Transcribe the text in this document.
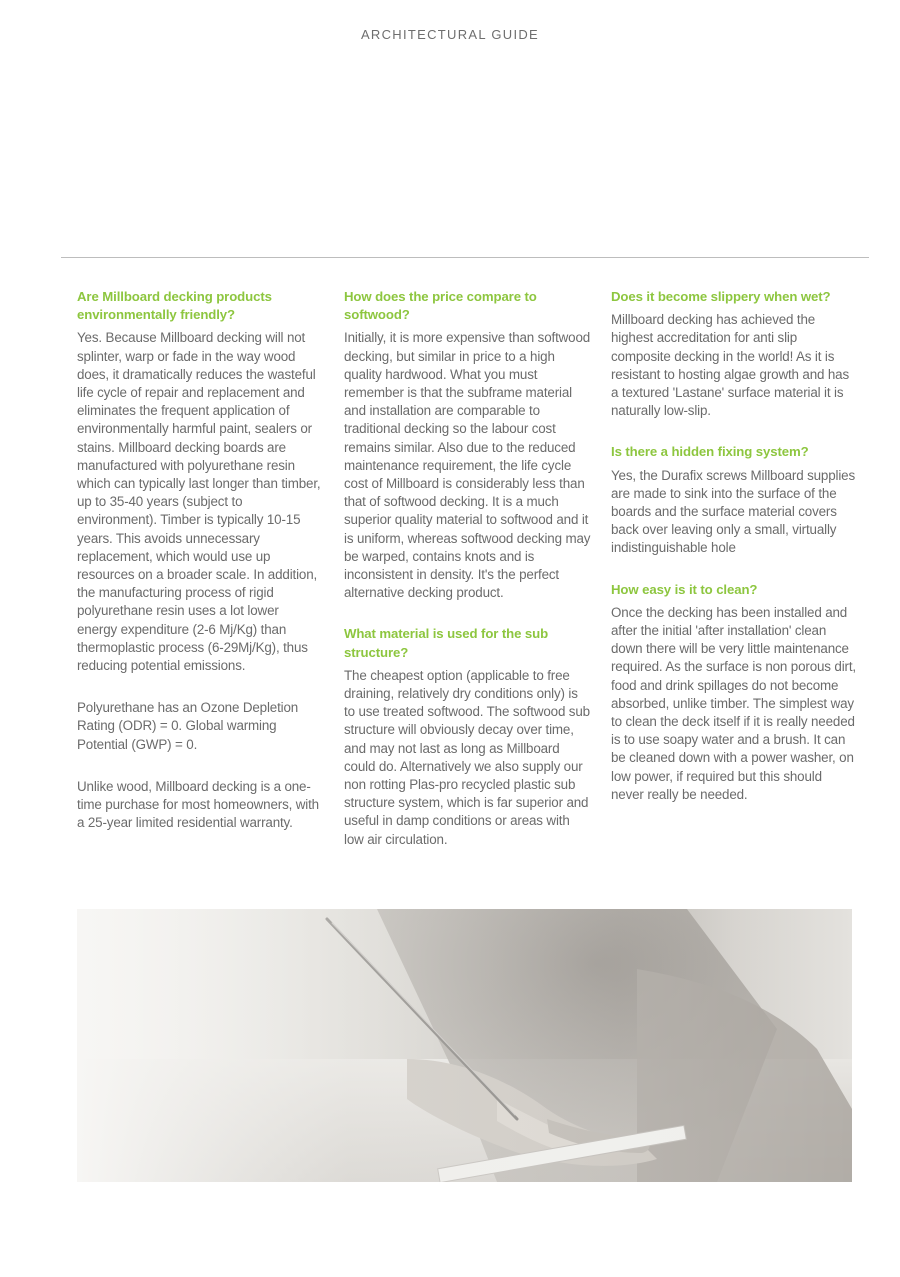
ARCHITECTURAL GUIDE
Are Millboard decking products environmentally friendly?
Yes. Because Millboard decking will not splinter, warp or fade in the way wood does, it dramatically reduces the wasteful life cycle of repair and replacement and eliminates the frequent application of environmentally harmful paint, sealers or stains. Millboard decking boards are manufactured with polyurethane resin which can typically last longer than timber, up to 35-40 years (subject to environment). Timber is typically 10-15 years. This avoids unnecessary replacement, which would use up resources on a broader scale. In addition, the manufacturing process of rigid polyurethane resin uses a lot lower energy expenditure (2-6 Mj/Kg) than thermoplastic process (6-29Mj/Kg), thus reducing potential emissions.
Polyurethane has an Ozone Depletion Rating (ODR) = 0. Global warming Potential (GWP) = 0.
Unlike wood, Millboard decking is a one-time purchase for most homeowners, with a 25-year limited residential warranty.
How does the price compare to softwood?
Initially, it is more expensive than softwood decking, but similar in price to a high quality hardwood. What you must remember is that the subframe material and installation are comparable to traditional decking so the labour cost remains similar. Also due to the reduced maintenance requirement, the life cycle cost of Millboard is considerably less than that of softwood decking. It is a much superior quality material to softwood and it is uniform, whereas softwood decking may be warped, contains knots and is inconsistent in density. It's the perfect alternative decking product.
What material is used for the sub structure?
The cheapest option (applicable to free draining, relatively dry conditions only) is to use treated softwood. The softwood sub structure will obviously decay over time, and may not last as long as Millboard could do. Alternatively we also supply our non rotting Plas-pro recycled plastic sub structure system, which is far superior and useful in damp conditions or areas with low air circulation.
Does it become slippery when wet?
Millboard decking has achieved the highest accreditation for anti slip composite decking in the world! As it is resistant to hosting algae growth and has a textured 'Lastane' surface material it is naturally low-slip.
Is there a hidden fixing system?
Yes, the Durafix screws Millboard supplies are made to sink into the surface of the boards and the surface material covers back over leaving only a small, virtually indistinguishable hole
How easy is it to clean?
Once the decking has been installed and after the initial 'after installation' clean down there will be very little maintenance required. As the surface is non porous dirt, food and drink spillages do not become absorbed, unlike timber. The simplest way to clean the deck itself if it is really needed is to use soapy water and a brush. It can be cleaned down with a power washer, on low power, if required but this should never really be needed.
